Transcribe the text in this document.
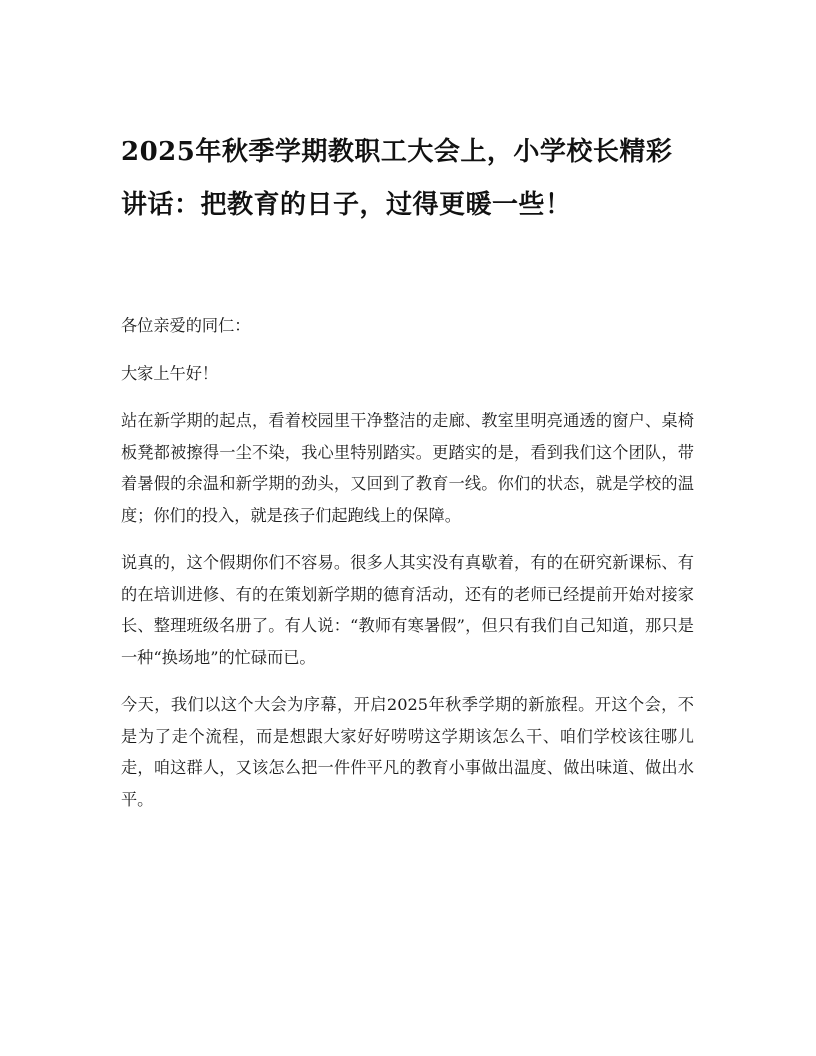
2025年秋季学期教职工大会上，小学校长精彩讲话：把教育的日子，过得更暖一些！

各位亲爱的同仁：

大家上午好！

站在新学期的起点，看着校园里干净整洁的走廊、教室里明亮通透的窗户、桌椅板凳都被擦得一尘不染，我心里特别踏实。更踏实的是，看到我们这个团队，带着暑假的余温和新学期的劲头，又回到了教育一线。你们的状态，就是学校的温度；你们的投入，就是孩子们起跑线上的保障。

说真的，这个假期你们不容易。很多人其实没有真歇着，有的在研究新课标、有的在培训进修、有的在策划新学期的德育活动，还有的老师已经提前开始对接家长、整理班级名册了。有人说：“教师有寒暑假”，但只有我们自己知道，那只是一种“换场地”的忙碌而已。

今天，我们以这个大会为序幕，开启2025年秋季学期的新旅程。开这个会，不是为了走个流程，而是想跟大家好好唠唠这学期该怎么干、咱们学校该往哪儿走，咱这群人，又该怎么把一件件平凡的教育小事做出温度、做出味道、做出水平。
